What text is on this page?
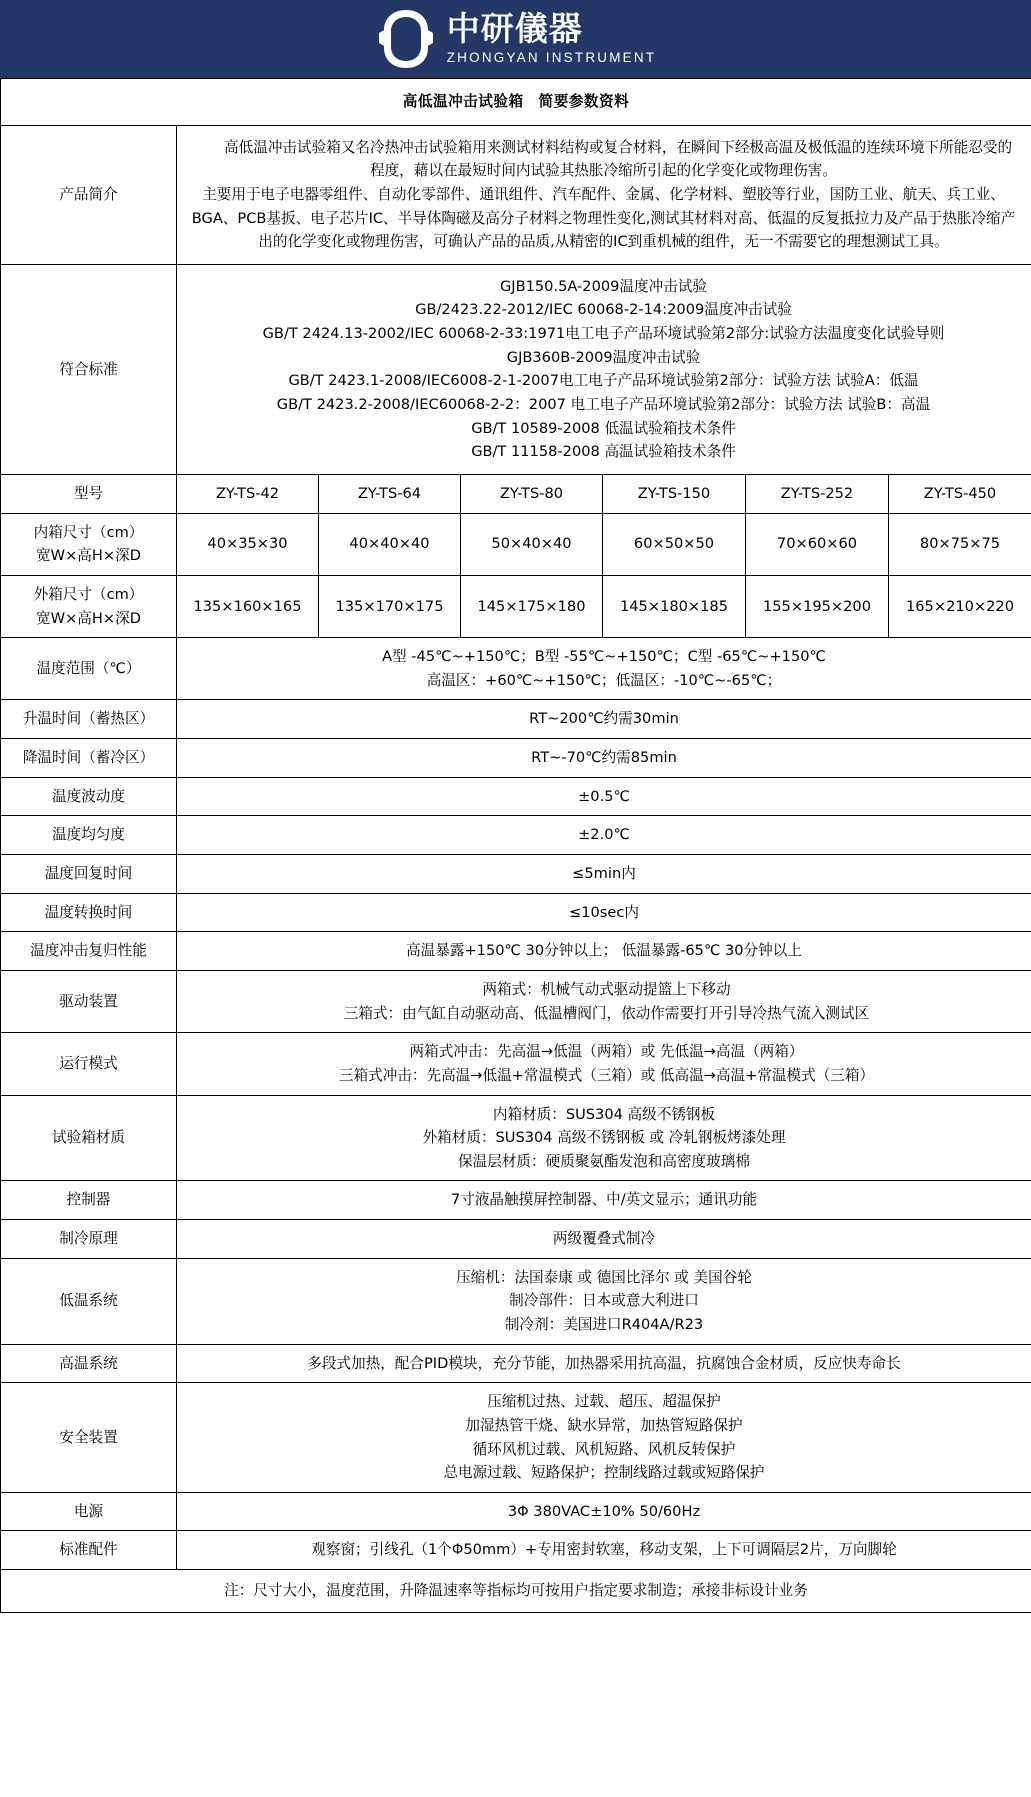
ZY 中研儀器
ZHONGYAN INSTRUMENT
高低温冲击试验箱　简要参数资料						
产品简介	高低温冲击试验箱又名冷热冲击试验箱用来测试材料结构或复合材料，在瞬间下经极高温及极低温的连续环境下所能忍受的程度，藉以在最短时间内试验其热胀冷缩所引起的化学变化或物理伤害。
主要用于电子电器零组件、自动化零部件、通讯组件、汽车配件、金属、化学材料、塑胶等行业，国防工业、航天、兵工业、BGA、PCB基扳、电子芯片IC、半导体陶磁及高分子材料之物理性变化,测试其材料对高、低温的反复抵拉力及产品于热胀冷缩产出的化学变化或物理伤害，可确认产品的品质,从精密的IC到重机械的组件，无一不需要它的理想测试工具。					
符合标准	
GJB150.5A-2009温度冲击试验
GB/2423.22-2012/IEC 60068-2-14:2009温度冲击试验
GB/T 2424.13-2002/IEC 60068-2-33:1971电工电子产品环境试验第2部分:试验方法温度变化试验导则
GJB360B-2009温度冲击试验
GB/T 2423.1-2008/IEC6008-2-1-2007电工电子产品环境试验第2部分：试验方法 试验A：低温
GB/T 2423.2-2008/IEC60068-2-2：2007 电工电子产品环境试验第2部分：试验方法 试验B：高温
GB/T 10589-2008 低温试验箱技术条件
GB/T 11158-2008 高温试验箱技术条件

型号	ZY-TS-42	ZY-TS-64	ZY-TS-80	ZY-TS-150	ZY-TS-252	ZY-TS-450

内箱尺寸（cm）
宽W×高H×深D	40×35×30	40×40×40	50×40×40	60×50×50	70×60×60	80×75×75

外箱尺寸（cm）
宽W×高H×深D	135×160×165	135×170×175	145×175×180	145×180×185	155×195×200	165×210×220
温度范围（℃）	A型 -45℃~+150℃；B型 -55℃~+150℃；C型 -65℃~+150℃
高温区：+60℃~+150℃；低温区：-10℃~-65℃；					

升温时间（蓄热区）	RT~200℃约需30min					
降温时间（蓄冷区）	RT~-70℃约需85min					
温度波动度	±0.5℃					
温度均匀度	±2.0℃					
温度回复时间	≤5min内					
温度转换时间	≤10sec内					
温度冲击复归性能	高温暴露+150℃ 30分钟以上； 低温暴露-65℃ 30分钟以上					
驱动装置	两箱式：机械气动式驱动提篮上下移动
三箱式：由气缸自动驱动高、低温槽阀门，依动作需要打开引导冷热气流入测试区					

运行模式	两箱式冲击：先高温→低温（两箱）或 先低温→高温（两箱）
三箱式冲击：先高温→低温+常温模式（三箱）或 低高温→高温+常温模式（三箱）					

试验箱材质	内箱材质：SUS304 高级不锈钢板
外箱材质：SUS304 高级不锈钢板 或 冷轧钢板烤漆处理
保温层材质：硬质聚氨酯发泡和高密度玻璃棉					

控制器	7寸液晶触摸屏控制器、中/英文显示；通讯功能					
制冷原理	两级覆叠式制冷					
低温系统	压缩机：法国泰康 或 德国比泽尔 或 美国谷轮
制冷部件：日本或意大利进口
制冷剂：美国进口R404A/R23					

高温系统	多段式加热，配合PID模块，充分节能，加热器采用抗高温，抗腐蚀合金材质，反应快寿命长					
安全装置	压缩机过热、过载、超压、超温保护
加湿热管干烧、缺水异常，加热管短路保护
循环风机过载、风机短路、风机反转保护
总电源过载、短路保护；控制线路过载或短路保护					

电源	3Φ 380VAC±10% 50/60Hz					
标准配件	观察窗；引线孔（1个Φ50mm）+专用密封软塞，移动支架，上下可调隔层2片，万向脚轮					
注：尺寸大小，温度范围，升降温速率等指标均可按用户指定要求制造；承接非标设计业务						
